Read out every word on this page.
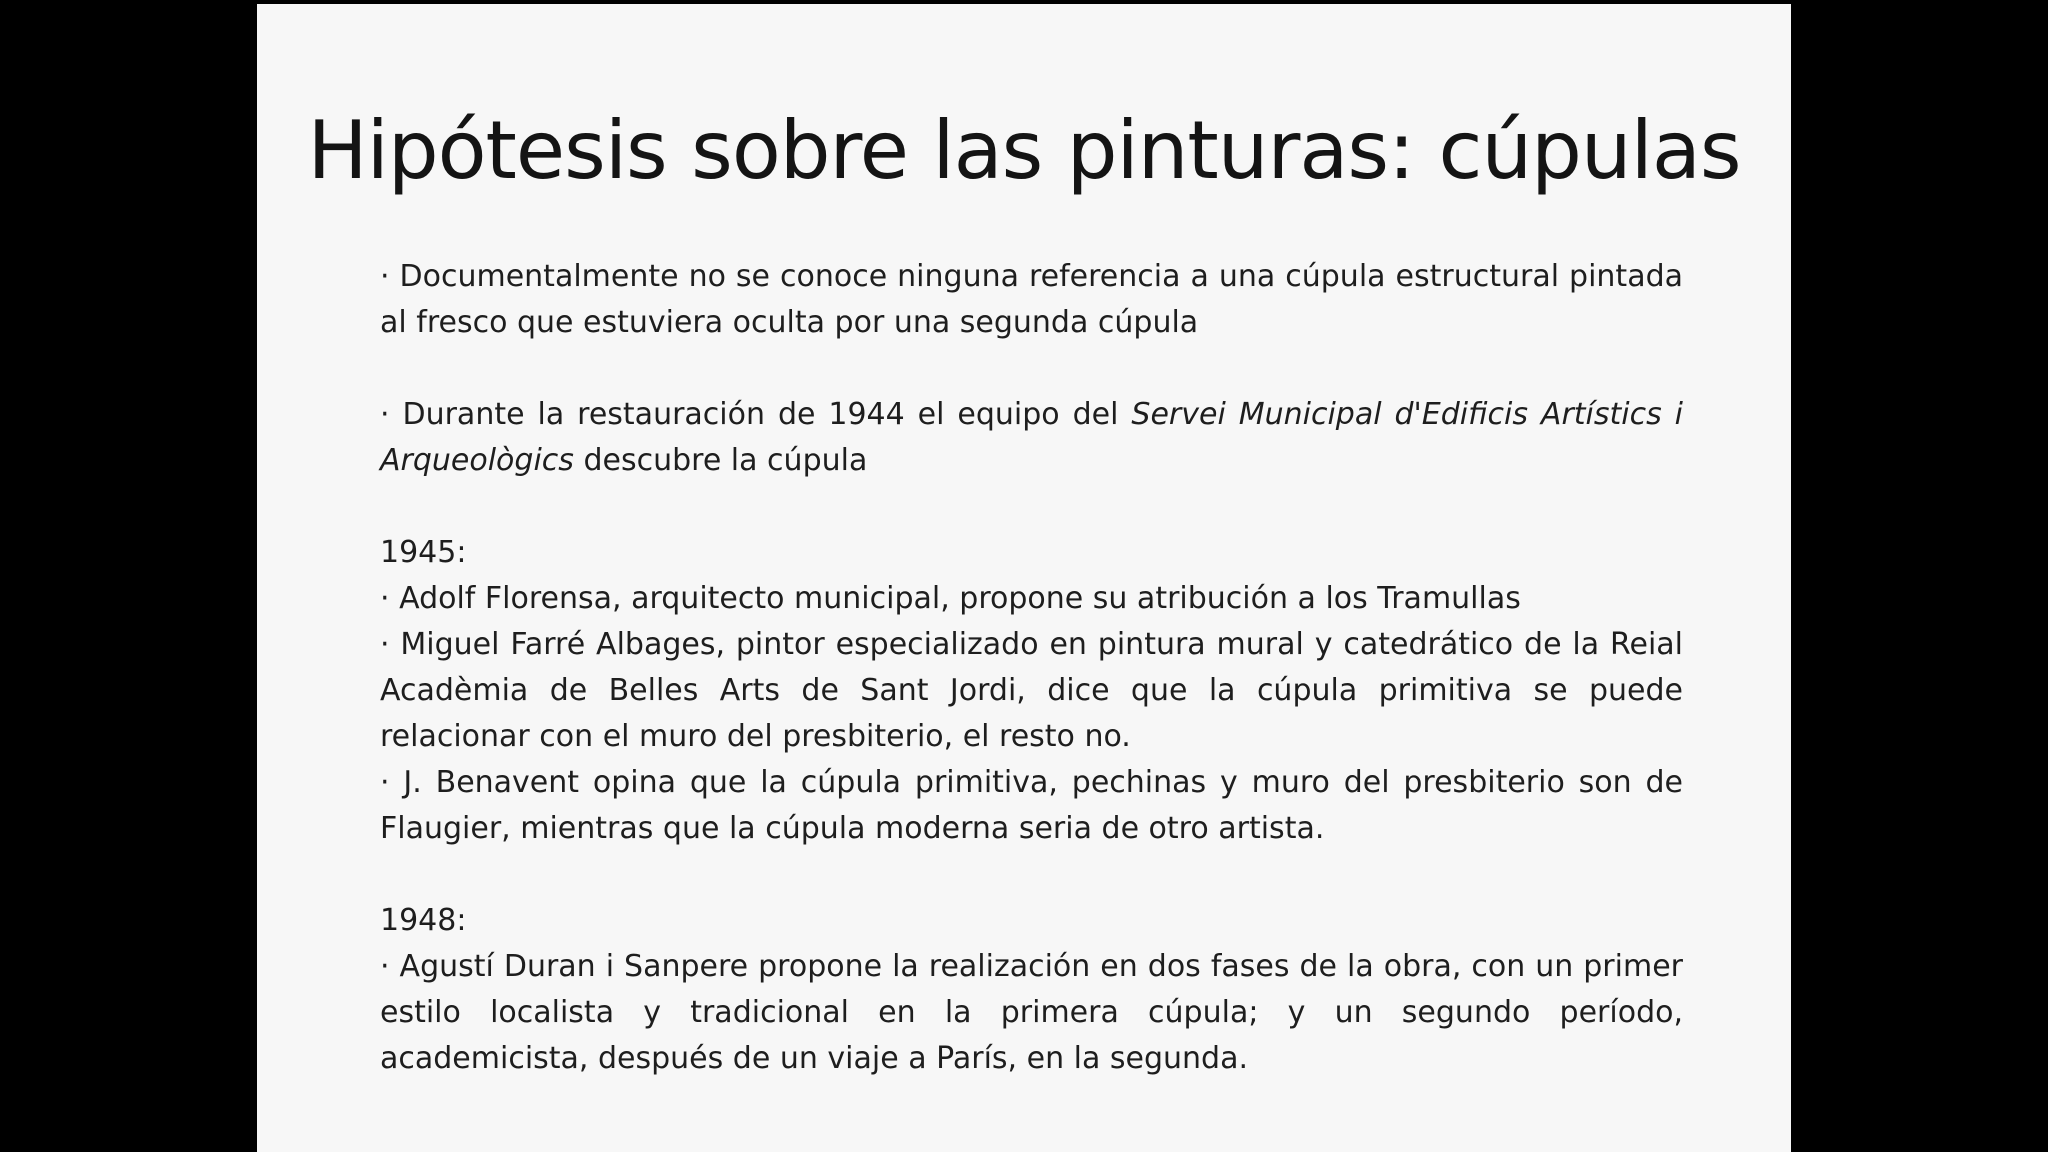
Hipótesis sobre las pinturas: cúpulas

· Documentalmente no se conoce ninguna referencia a una cúpula estructural pintada al fresco que estuviera oculta por una segunda cúpula

· Durante la restauración de 1944 el equipo del Servei Municipal d'Edificis Artístics i Arqueològics descubre la cúpula

1945:

· Adolf Florensa, arquitecto municipal, propone su atribución a los Tramullas

· Miguel Farré Albages, pintor especializado en pintura mural y catedrático de la Reial Acadèmia de Belles Arts de Sant Jordi, dice que la cúpula primitiva se puede relacionar con el muro del presbiterio, el resto no.

· J. Benavent opina que la cúpula primitiva, pechinas y muro del presbiterio son de Flaugier, mientras que la cúpula moderna seria de otro artista.

1948:

· Agustí Duran i Sanpere propone la realización en dos fases de la obra, con un primer estilo localista y tradicional en la primera cúpula; y un segundo período, academicista, después de un viaje a París, en la segunda.
